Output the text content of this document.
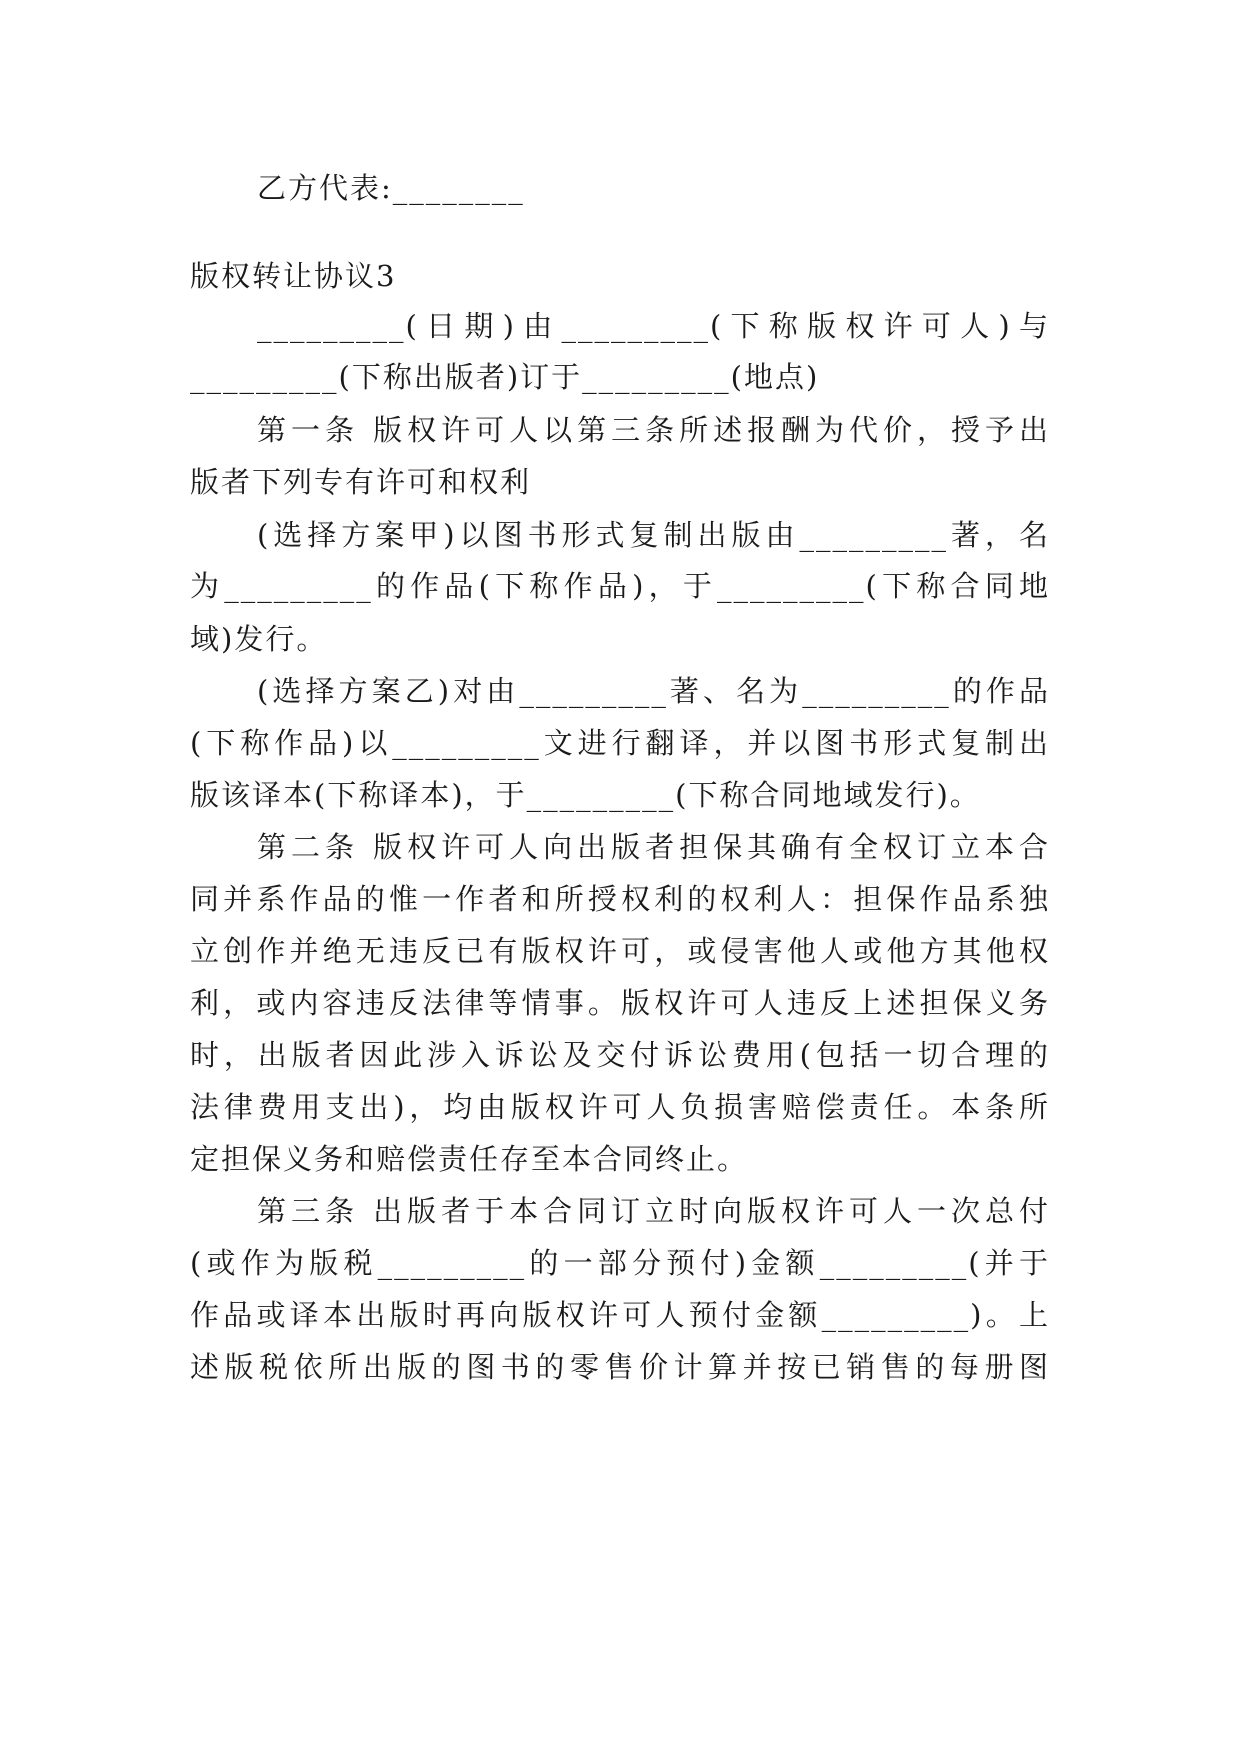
乙方代表:________
版权转让协议3
_________(日期)由_________(下称版权许可人)与
_________(下称出版者)订于_________(地点)
第一条 版权许可人以第三条所述报酬为代价，授予出
版者下列专有许可和权利
(选择方案甲)以图书形式复制出版由_________著，名
为_________的作品(下称作品)，于_________(下称合同地
域)发行。
(选择方案乙)对由_________著、名为_________的作品
(下称作品)以_________文进行翻译，并以图书形式复制出
版该译本(下称译本)，于_________(下称合同地域发行)。
第二条 版权许可人向出版者担保其确有全权订立本合
同并系作品的惟一作者和所授权利的权利人：担保作品系独
立创作并绝无违反已有版权许可，或侵害他人或他方其他权
利，或内容违反法律等情事。版权许可人违反上述担保义务
时，出版者因此涉入诉讼及交付诉讼费用(包括一切合理的
法律费用支出)，均由版权许可人负损害赔偿责任。本条所
定担保义务和赔偿责任存至本合同终止。
第三条 出版者于本合同订立时向版权许可人一次总付
(或作为版税_________的一部分预付)金额_________(并于
作品或译本出版时再向版权许可人预付金额_________)。上
述版税依所出版的图书的零售价计算并按已销售的每册图
